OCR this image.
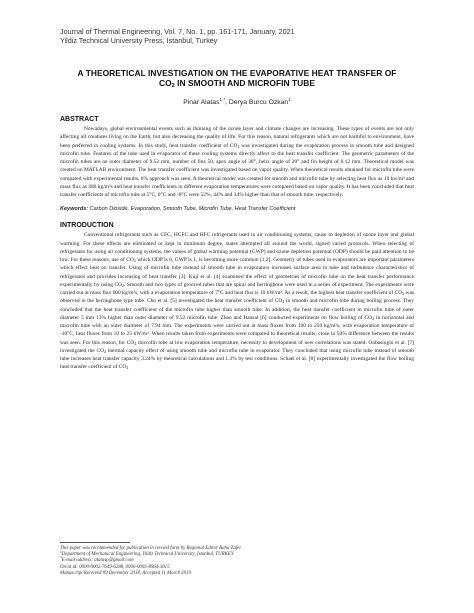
Journal of Thermal Engineering, Vol. 7, No. 1, pp. 161-171, January, 2021

Yildiz Technical University Press, Istanbul, Turkey

A THEORETICAL INVESTIGATION ON THE EVAPORATIVE HEAT TRANSFER OF
$CO_2$ IN SMOOTH AND MICROFIN TUBE

Pinar Alatas$^{1,*}$, Derya Burcu Ozkan$^1$

ABSTRACT

Nowadays, global environmental events such as thinning of the ozone layer and climate changes are increasing. These types of events are not only affecting all creatures living on the Earth, but also decreasing the quality of life. For this reason, natural refrigerants which are not harmful to environment, have been preferred in cooling systems. In this study, heat transfer coefficient of $CO_2$ was investigated during the evaporation process in smooth tube and designed microfin tube. Features of the tube used in evaporator of these cooling systems directly affect to the heat transfer coefficient. The geometric parameters of the microfin tubes are an outer diameter of 9.52 mm, number of fins 50, apex angle of 38°, helix angle of 20° and fin height of 0.12 mm. Theoretical model was created on MATLAB environment. The heat transfer coefficient was investigated based on vapor quality. When theoretical results obtained for microfin tube were compared with experimental results, 6% approach was seen. A theoretical model was created for smooth and microfin tube by selecting heat flux as 10 kw/m² and mass flux as 380 kg/m²s and heat transfer coefficients in different evaporation temperatures were compared based on vapor quality. It has been concluded that heat transfer coefficients of microfin tube at 5°C, 0°C and -8°C were 52%, 44% and 34% higher than that of smooth tube, respectively.

Keywords: Carbon Dioxide, Evaporation, Smooth Tube, Microfin Tube, Heat Transfer Coefficient

INTRODUCTION

Conventional refrigerants such as CFC, HCFC and HFC refrigerants used in air conditioning systems, cause to depletion of ozone layer and global warming. For these effects are eliminated or kept in minimum degree, states attempted all around the world, signed varied protocols. When selecting of refrigerants for using air conditioning systems, the values of global warming potential (GWP) and ozone depletion potential (ODP) should be paid attention to be low. For these reasons, use of $CO_2$ which ODP is 0, GWP is 1, is becoming more common [1,2]. Geometry of tubes used in evaporators are important parameters which effect heat on transfer. Using of microfin tube instead of smooth tube in evaporators increases surface area in tube and turbulence characteristics of refrigerants and provides increasing of heat transfer [3]. Kuji et al. [4] examined the effect of geometries of microfin tube on the heat transfer performance experimentally by using $CO_2$. Smooth and two types of grooved tubes that are spiral and herringbone were used in a series of experiment. The experiments were carried out at mass flux 600 kg/m²s, with a evaporation temperature of 7°C and heat flux is 10 kW/m². As a result, the highest heat transfer coefficient of $CO_2$ was observed in the herringbone type tube. Cho et al. [5] investigated the heat transfer coefficient of $CO_2$ in smooth and microfin tube during boiling process. They concluded that the heat transfer coefficient of the microfin tube higher than smooth tube. In addition, the heat transfer coefficient in microfin tube of outer diameter 5 mm 13% higher than outer diameter of 9.52 microfin tube. Zhao and Bansal [6] conducted experiments on flow boiling of $CO_2$ in horizontal and microfin tube with an outer diameter of 7.94 mm. The experiments were carried out at mass fluxes from 100 to 250 kg/m²s, with evaporation temperature of -30°C, heat fluxes from 10 to 25 kW/m². When results taken from experiments were compared to theoretical results, close to 50% difference between the results was seen. For this reason, for $CO_2$ microfin tube at low evaporation temperature, necessity to development of new correlations was stated. Onbasioglu et al. [7] investigated the $CO_2$ thermal capacity effect of using smooth tube and microfin tube in evaporator. They concluded that using microfin tube instead of smooth tube increases heat transfer capacity 3.24% by theoretical calculations and 1.3% by test conditions. Schael et al. [8] experimentally investigated the flow boiling heat transfer coefficient of $CO_2$

This paper was recommended for publication in revised form by Regional Editor Baha Zafer

$^1$Department of Mechanical Engineering, Yildiz Technical University, Istanbul, TURKEY

*E-mail address: alatasp@gmail.com

Orcid id: 0000-0002-7649-6288, 0000-0002-8964-3015

Manuscript Received 09 December 2018, Accepted 11 March 2019
